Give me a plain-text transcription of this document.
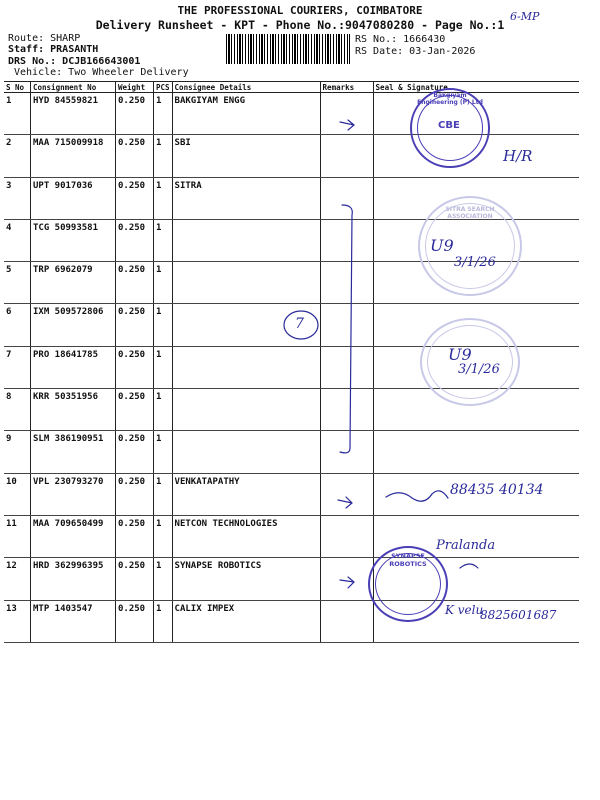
THE PROFESSIONAL COURIERS, COIMBATORE
Delivery Runsheet - KPT - Phone No.:9047080280 - Page No.:1
6-MP
Route: SHARP
Staff: PRASANTH
DRS No.: DCJB166643001
Vehicle: Two Wheeler Delivery
RS No.: 1666430
RS Date: 03-Jan-2026
S No	Consignment No	Weight	PCS	Consignee Details	Remarks	Seal & Signature
1	HYD 84559821	0.250	1	BAKGIYAM ENGG		
2	MAA 715009918	0.250	1	SBI		
3	UPT 9017036	0.250	1	SITRA		
4	TCG 50993581	0.250	1			
5	TRP 6962079	0.250	1			
6	IXM 509572806	0.250	1			
7	PRO 18641785	0.250	1			
8	KRR 50351956	0.250	1			
9	SLM 386190951	0.250	1			
10	VPL 230793270	0.250	1	VENKATAPATHY		
11	MAA 709650499	0.250	1	NETCON TECHNOLOGIES		
12	HRD 362996395	0.250	1	SYNAPSE ROBOTICS		
13	MTP 1403547	0.250	1	CALIX IMPEX		
H/R
7
U9
3/1/26
U9
3/1/26
88435 40134
Pralanda
K velu
8825601687
Bakgiyam Engineering (P) Ltd
CBE
SITRA SEARCH ASSOCIATION
SYNAPSE ROBOTICS
